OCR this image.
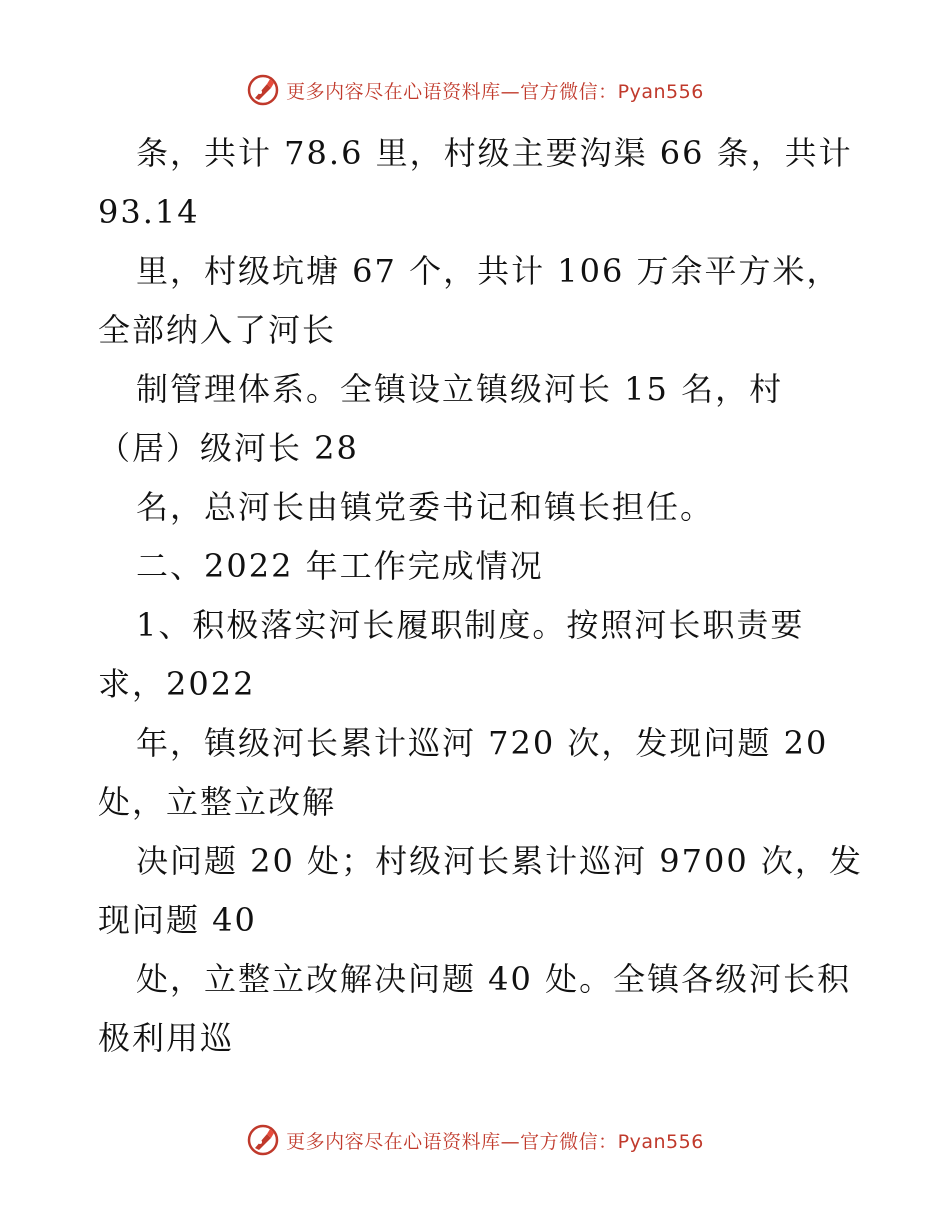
更多内容尽在心语资料库—官方微信：Pyan556
条，共计 78.6 里，村级主要沟渠 66 条，共计
93.14
里，村级坑塘 67 个，共计 106 万余平方米，
全部纳入了河长
制管理体系。全镇设立镇级河长 15 名，村
（居）级河长 28
名，总河长由镇党委书记和镇长担任。
二、2022 年工作完成情况
1、积极落实河长履职制度。按照河长职责要
求，2022
年，镇级河长累计巡河 720 次，发现问题 20
处，立整立改解
决问题 20 处；村级河长累计巡河 9700 次，发
现问题 40
处，立整立改解决问题 40 处。全镇各级河长积
极利用巡
更多内容尽在心语资料库—官方微信：Pyan556
